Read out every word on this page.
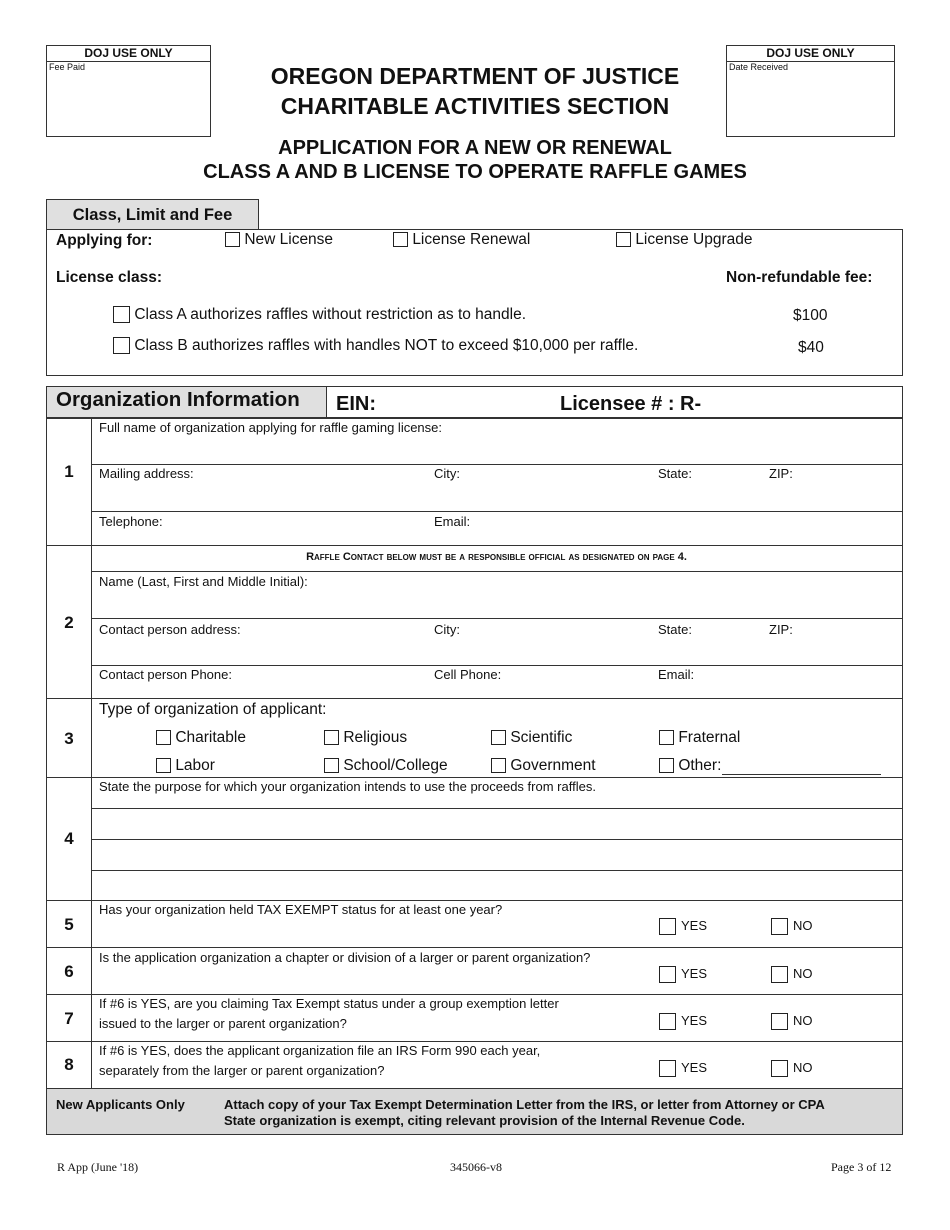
DOJ USE ONLY
Fee Paid
DOJ USE ONLY
Date Received
OREGON DEPARTMENT OF JUSTICE
CHARITABLE ACTIVITIES SECTION
APPLICATION FOR A NEW OR RENEWAL
CLASS A AND B LICENSE TO OPERATE RAFFLE GAMES
Class, Limit and Fee
Applying for:	New License	License Renewal	License Upgrade
License class:	Non-refundable fee:
Class A authorizes raffles without restriction as to handle.	$100
Class B authorizes raffles with handles NOT to exceed $10,000 per raffle.	$40
Organization Information EIN:	Licensee # : R-
1
Full name of organization applying for raffle gaming license:
Mailing address:	City:	State:	ZIP:
Telephone:	Email:
2
Raffle Contact below must be a responsible official as designated on page 4.
Name (Last, First and Middle Initial):
Contact person address:	City:	State:	ZIP:
Contact person Phone:	Cell Phone:	Email:
3
Type of organization of applicant:
Charitable	Religious	Scientific	Fraternal
Labor	School/College	Government	Other:
4
State the purpose for which your organization intends to use the proceeds from raffles.
5
Has your organization held TAX EXEMPT status for at least one year?
YES	NO
6
Is the application organization a chapter or division of a larger or parent organization?
YES	NO
7
If #6 is YES, are you claiming Tax Exempt status under a group exemption letter
issued to the larger or parent organization?	YES	NO
8
If #6 is YES, does the applicant organization file an IRS Form 990 each year,
separately from the larger or parent organization?	YES	NO
New Applicants Only	Attach copy of your Tax Exempt Determination Letter from the IRS, or letter from Attorney or CPA
State organization is exempt, citing relevant provision of the Internal Revenue Code.
R App (June '18)	345066-v8	Page 3 of 12
